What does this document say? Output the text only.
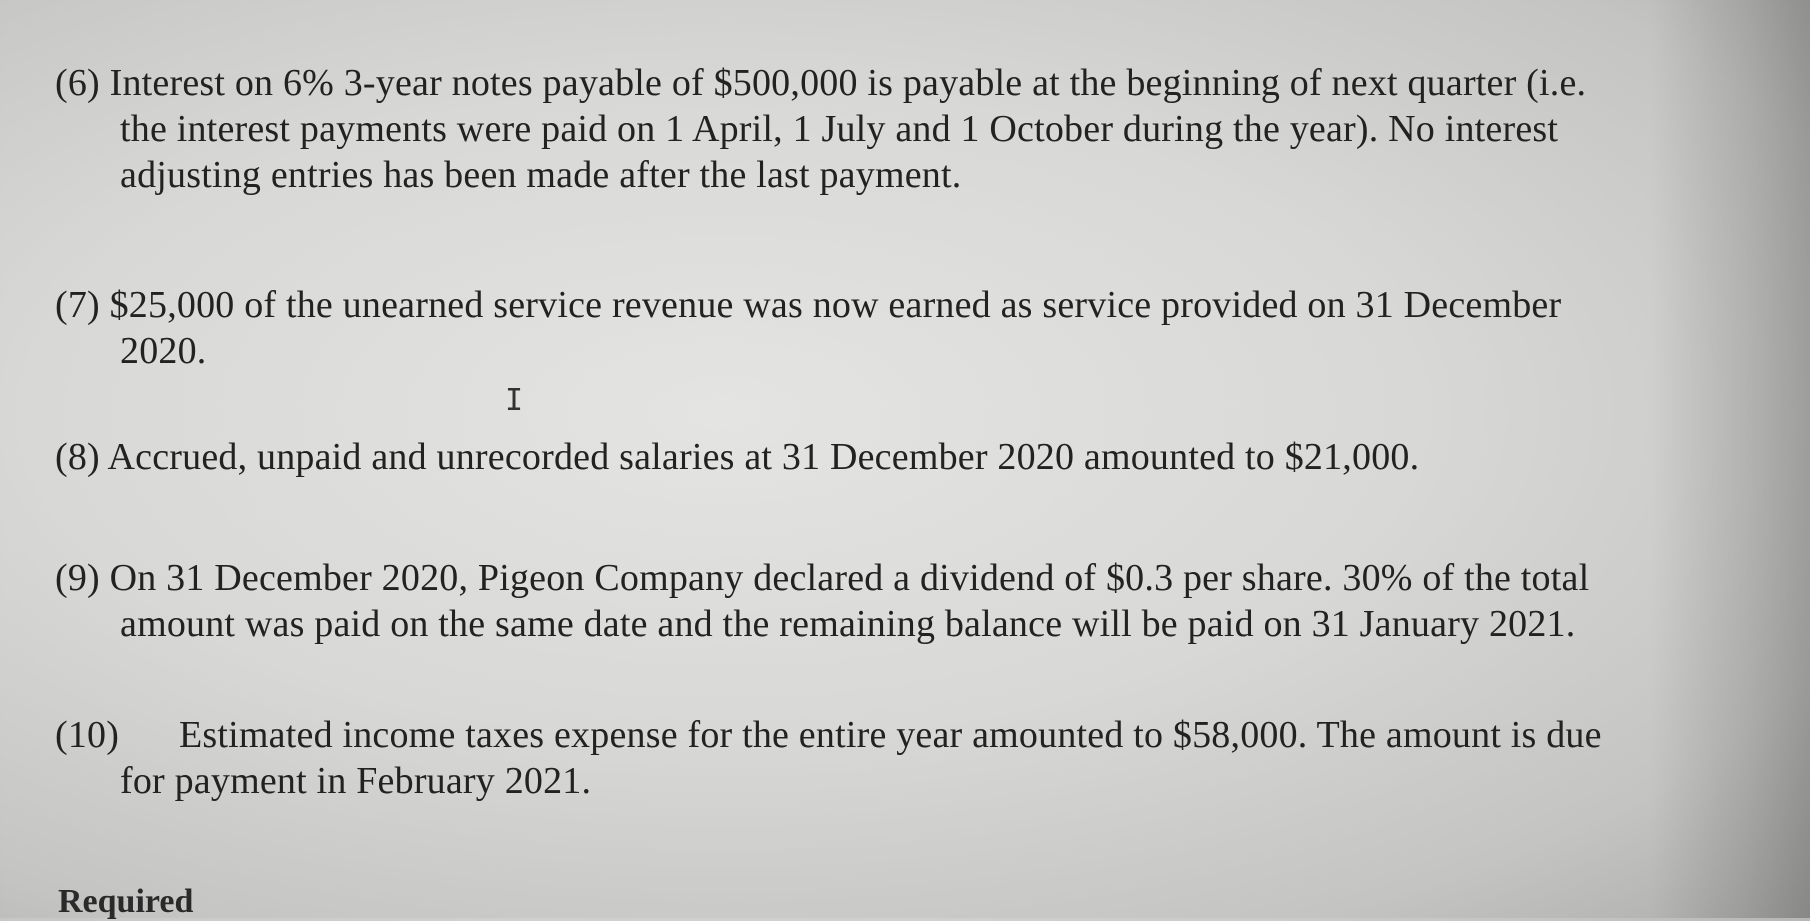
(6) Interest on 6% 3-year notes payable of $500,000 is payable at the beginning of next quarter (i.e.
the interest payments were paid on 1 April, 1 July and 1 October during the year). No interest
adjusting entries has been made after the last payment.
(7) $25,000 of the unearned service revenue was now earned as service provided on 31 December
2020.
I
(8) Accrued, unpaid and unrecorded salaries at 31 December 2020 amounted to $21,000.
(9) On 31 December 2020, Pigeon Company declared a dividend of $0.3 per share. 30% of the total
amount was paid on the same date and the remaining balance will be paid on 31 January 2021.
(10) Estimated income taxes expense for the entire year amounted to $58,000. The amount is due
for payment in February 2021.
Required
